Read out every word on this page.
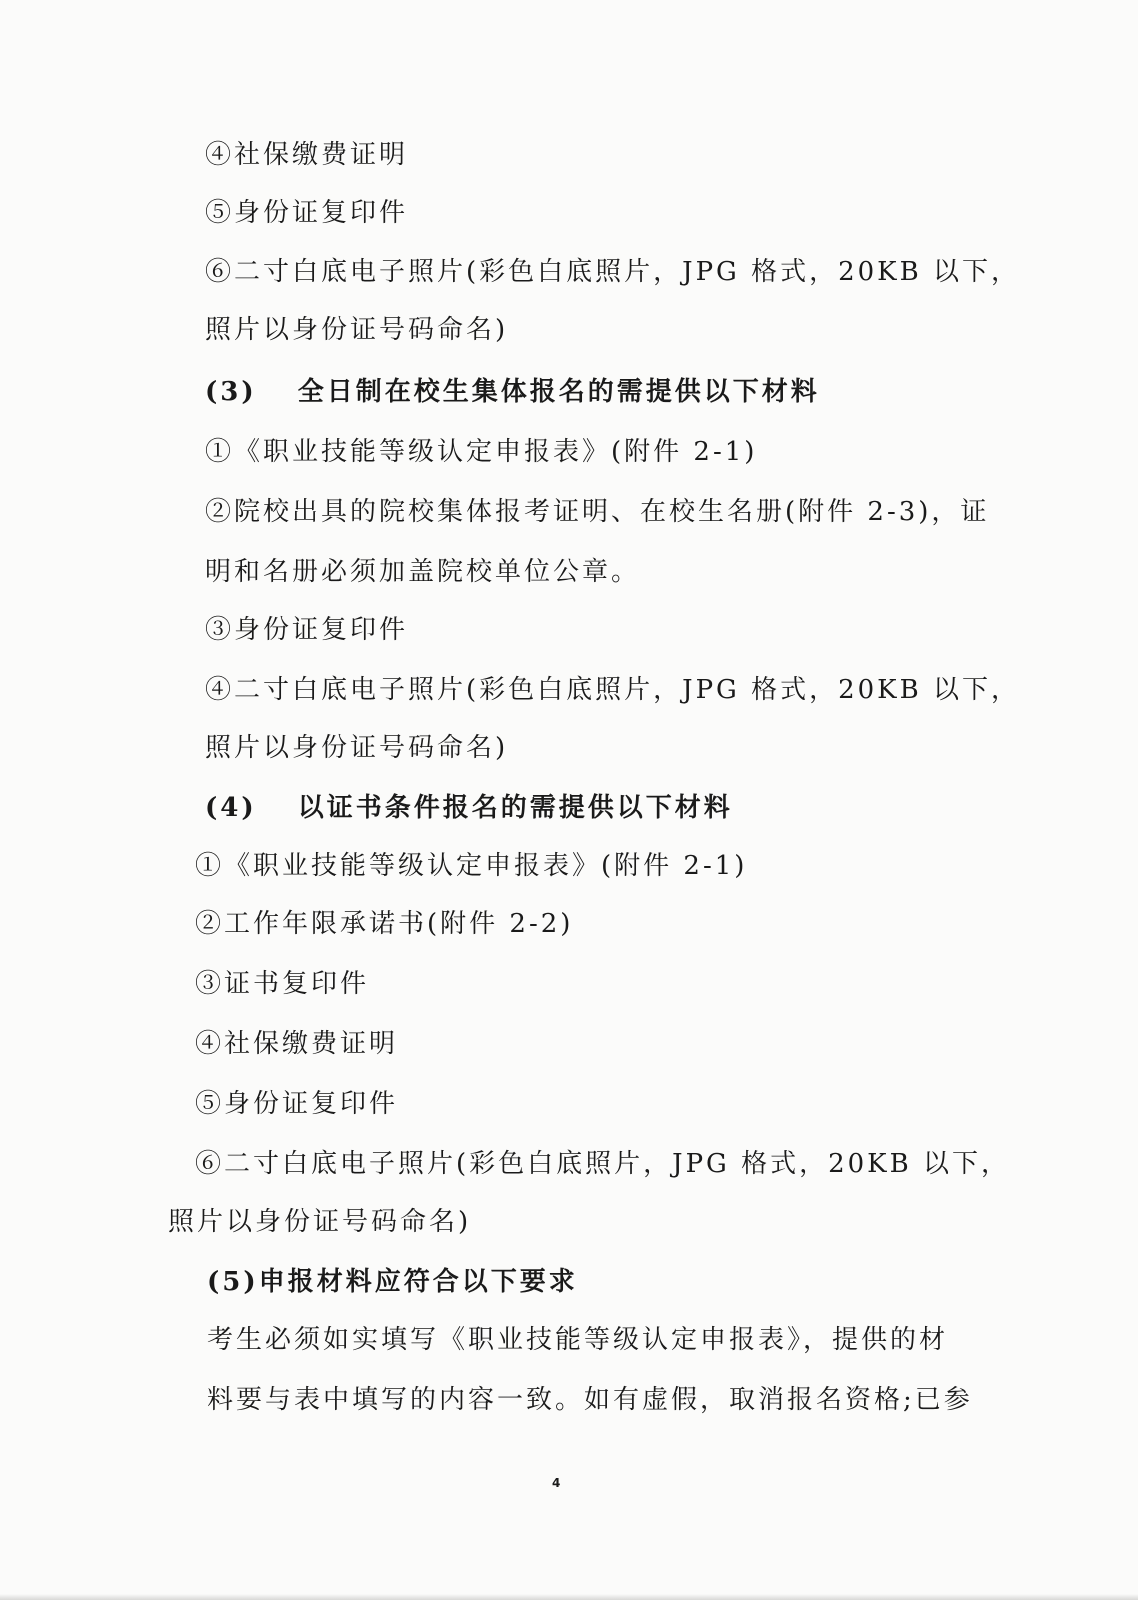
④社保缴费证明
⑤身份证复印件
⑥二寸白底电子照片(彩色白底照片，JPG 格式，20KB 以下，
照片以身份证号码命名)
(3)　 全日制在校生集体报名的需提供以下材料
①《职业技能等级认定申报表》(附件 2-1)
②院校出具的院校集体报考证明、在校生名册(附件 2-3)，证
明和名册必须加盖院校单位公章。
③身份证复印件
④二寸白底电子照片(彩色白底照片，JPG 格式，20KB 以下，
照片以身份证号码命名)
(4)　 以证书条件报名的需提供以下材料
①《职业技能等级认定申报表》(附件 2-1)
②工作年限承诺书(附件 2-2)
③证书复印件
④社保缴费证明
⑤身份证复印件
⑥二寸白底电子照片(彩色白底照片，JPG 格式，20KB 以下，
照片以身份证号码命名)
(5)申报材料应符合以下要求
考生必须如实填写《职业技能等级认定申报表》，提供的材
料要与表中填写的内容一致。如有虚假，取消报名资格;已参
4
